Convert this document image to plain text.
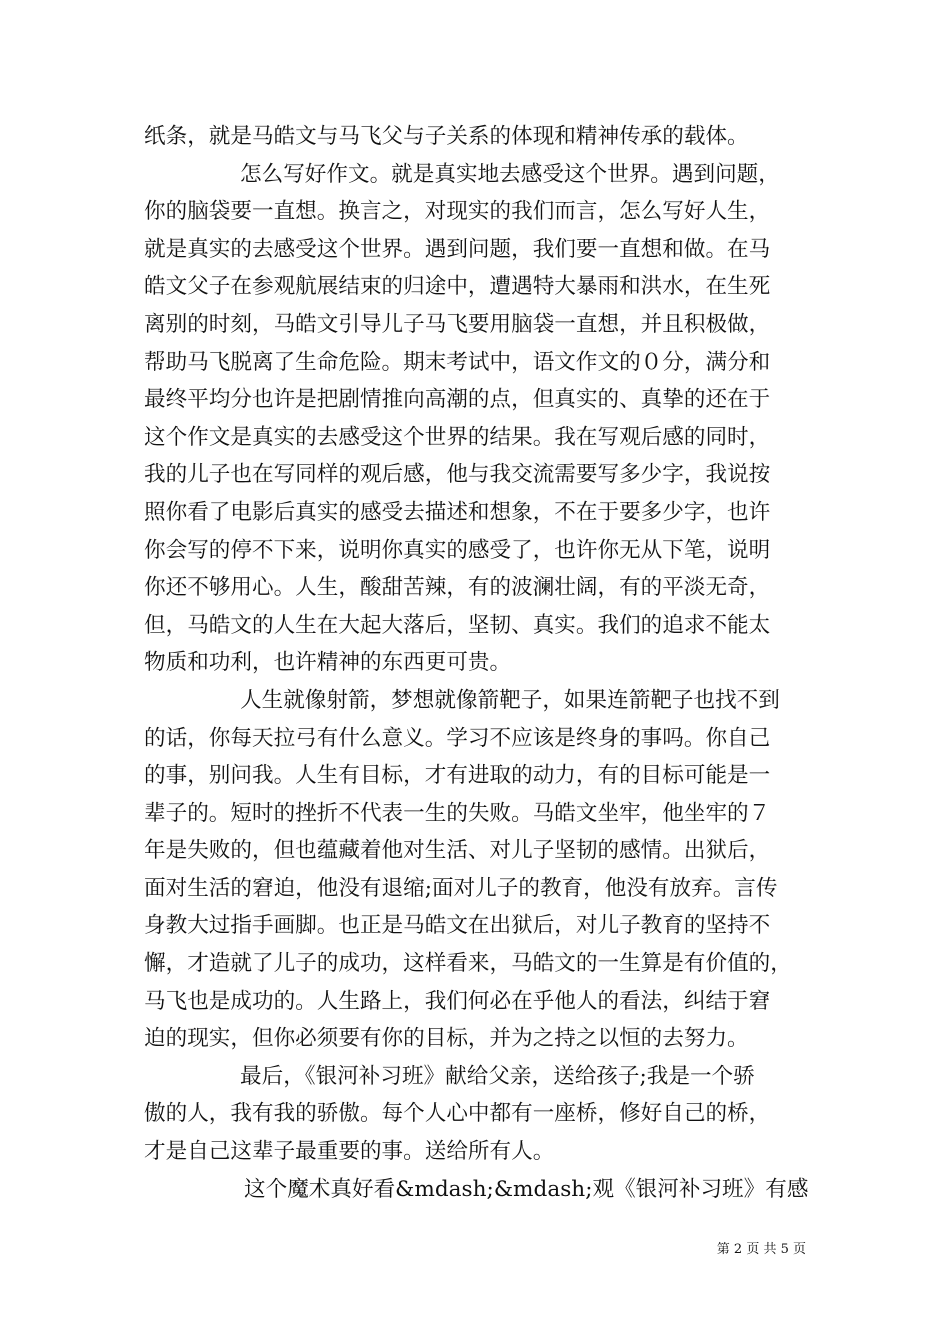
纸条，就是马皓文与马飞父与子关系的体现和精神传承的载体。
怎么写好作文。就是真实地去感受这个世界。遇到问题，
你的脑袋要一直想。换言之，对现实的我们而言，怎么写好人生，
就是真实的去感受这个世界。遇到问题，我们要一直想和做。在马
皓文父子在参观航展结束的归途中，遭遇特大暴雨和洪水，在生死
离别的时刻，马皓文引导儿子马飞要用脑袋一直想，并且积极做，
帮助马飞脱离了生命危险。期末考试中，语文作文的０分，满分和
最终平均分也许是把剧情推向高潮的点，但真实的、真挚的还在于
这个作文是真实的去感受这个世界的结果。我在写观后感的同时，
我的儿子也在写同样的观后感，他与我交流需要写多少字，我说按
照你看了电影后真实的感受去描述和想象，不在于要多少字，也许
你会写的停不下来，说明你真实的感受了，也许你无从下笔，说明
你还不够用心。人生，酸甜苦辣，有的波澜壮阔，有的平淡无奇，
但，马皓文的人生在大起大落后，坚韧、真实。我们的追求不能太
物质和功利，也许精神的东西更可贵。
人生就像射箭，梦想就像箭靶子，如果连箭靶子也找不到
的话，你每天拉弓有什么意义。学习不应该是终身的事吗。你自己
的事，别问我。人生有目标，才有进取的动力，有的目标可能是一
辈子的。短时的挫折不代表一生的失败。马皓文坐牢，他坐牢的７
年是失败的，但也蕴藏着他对生活、对儿子坚韧的感情。出狱后，
面对生活的窘迫，他没有退缩;面对儿子的教育，他没有放弃。言传
身教大过指手画脚。也正是马皓文在出狱后，对儿子教育的坚持不
懈，才造就了儿子的成功，这样看来，马皓文的一生算是有价值的，
马飞也是成功的。人生路上，我们何必在乎他人的看法，纠结于窘
迫的现实，但你必须要有你的目标，并为之持之以恒的去努力。
最后，《银河补习班》献给父亲，送给孩子;我是一个骄
傲的人，我有我的骄傲。每个人心中都有一座桥，修好自己的桥，
才是自己这辈子最重要的事。送给所有人。
这个魔术真好看&mdash;&mdash;观《银河补习班》有感
第 2 页 共 5 页
